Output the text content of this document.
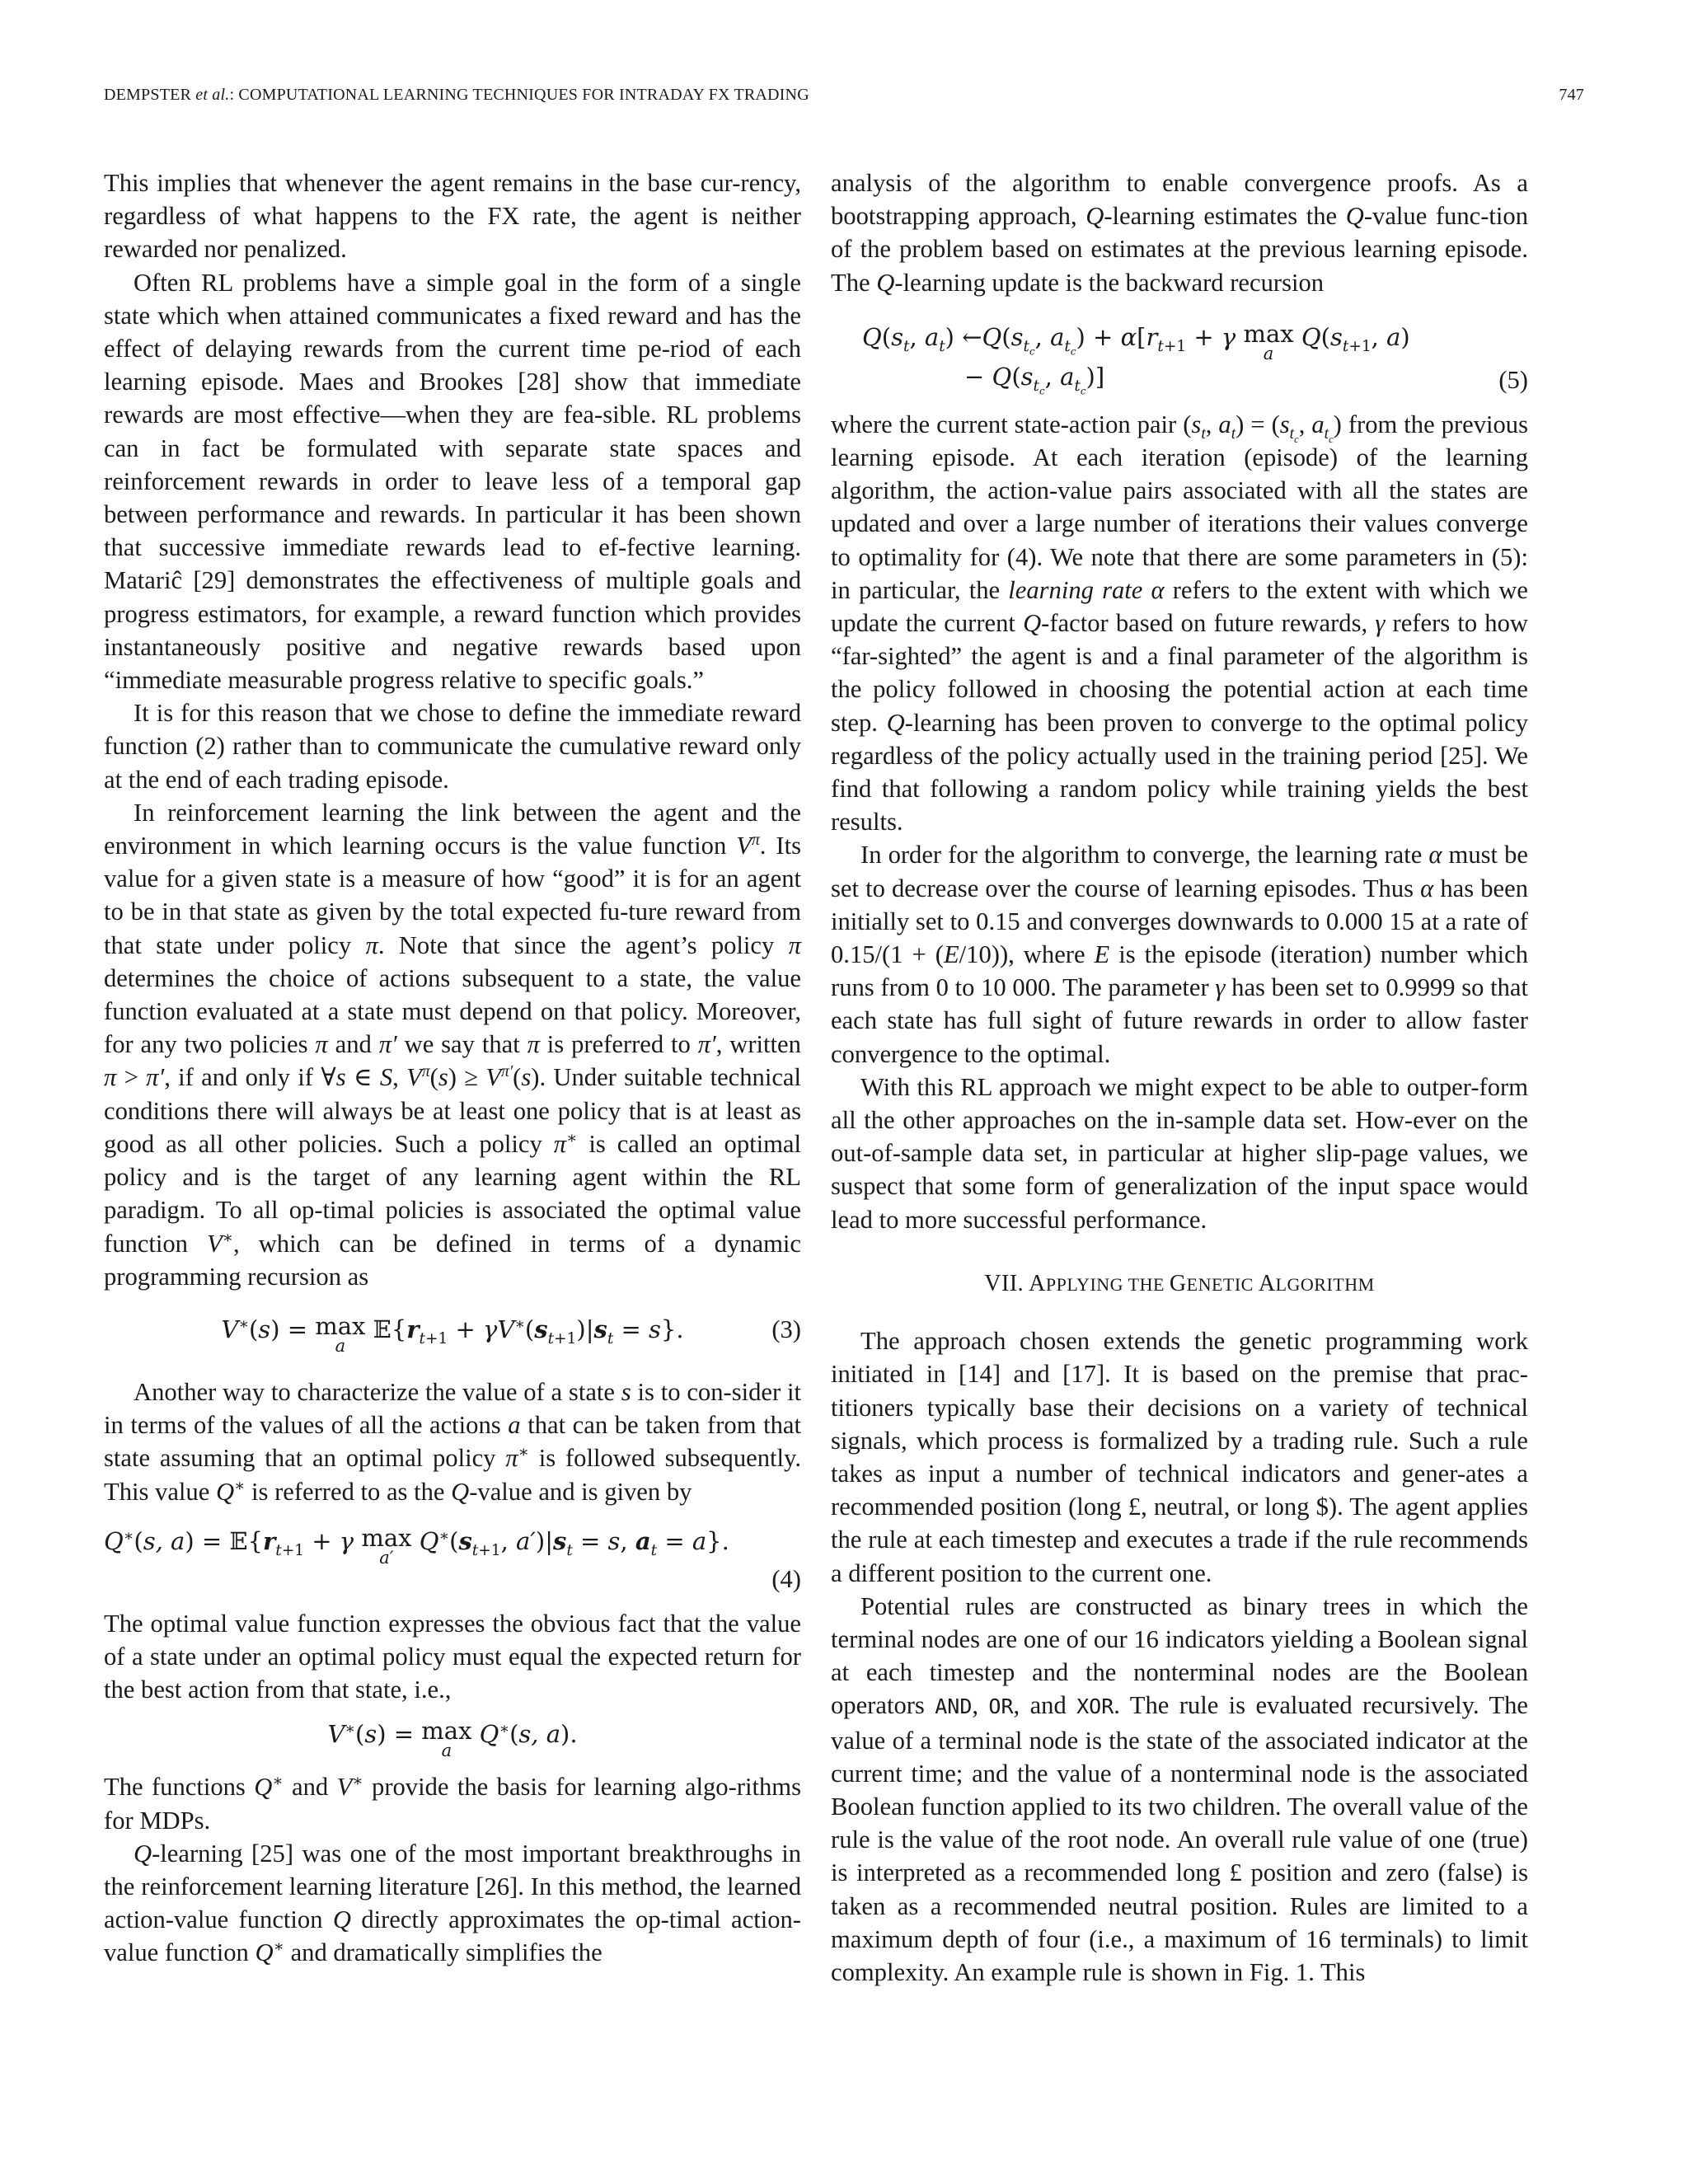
DEMPSTER et al.: COMPUTATIONAL LEARNING TECHNIQUES FOR INTRADAY FX TRADING	747

This implies that whenever the agent remains in the base cur-rency, regardless of what happens to the FX rate, the agent is neither rewarded nor penalized.

Often RL problems have a simple goal in the form of a single state which when attained communicates a fixed reward and has the effect of delaying rewards from the current time pe-riod of each learning episode. Maes and Brookes [28] show that immediate rewards are most effective—when they are fea-sible. RL problems can in fact be formulated with separate state spaces and reinforcement rewards in order to leave less of a temporal gap between performance and rewards. In particular it has been shown that successive immediate rewards lead to ef-fective learning. Matariĉ [29] demonstrates the effectiveness of multiple goals and progress estimators, for example, a reward function which provides instantaneously positive and negative rewards based upon “immediate measurable progress relative to specific goals.”

It is for this reason that we chose to define the immediate reward function (2) rather than to communicate the cumulative reward only at the end of each trading episode.

In reinforcement learning the link between the agent and the environment in which learning occurs is the value function $V^\pi$. Its value for a given state is a measure of how “good” it is for an agent to be in that state as given by the total expected fu-ture reward from that state under policy π. Note that since the agent’s policy π determines the choice of actions subsequent to a state, the value function evaluated at a state must depend on that policy. Moreover, for any two policies π and π′ we say that π is preferred to π′, written π > π′, if and only if ∀s ∈ S, $V^\pi(s) \ge V^{\pi'}(s)$. Under suitable technical conditions there will always be at least one policy that is at least as good as all other policies. Such a policy π∗ is called an optimal policy and is the target of any learning agent within the RL paradigm. To all op-timal policies is associated the optimal value function V∗, which can be defined in terms of a dynamic programming recursion as

V∗(s) = max
a
$𝔼\{r_{t+1} + \gamma V^∗(s_{t+1})|s_t = s\}$.	(3)

Another way to characterize the value of a state s is to con-sider it in terms of the values of all the actions a that can be taken from that state assuming that an optimal policy π∗ is followed subsequently. This value Q∗ is referred to as the Q-value and is given by

Q∗(s, $a) = 𝔼\{r_{t+1} + \gamma$ max
a′
$Q^∗(s_{t+1}$, $a')|s_t = s$, $a_t = a$}.
(4)

The optimal value function expresses the obvious fact that the value of a state under an optimal policy must equal the expected return for the best action from that state, i.e.,

V∗(s) = max
a
Q∗(s, a).

The functions Q∗ and V∗ provide the basis for learning algo-rithms for MDPs.

Q-learning [25] was one of the most important breakthroughs in the reinforcement learning literature [26]. In this method, the learned action-value function Q directly approximates the op-timal action-value function Q∗ and dramatically simplifies the

analysis of the algorithm to enable convergence proofs. As a bootstrapping approach, Q-learning estimates the Q-value func-tion of the problem based on estimates at the previous learning episode. The Q-learning update is the backward recursion

$Q(s_t$, $a_t$) $\leftarrow Q(s_{t_c}$, $a_{t_c}) + \alpha[r_{t+1} + \gamma$ max
a
$Q(s_{t+1}$, a)
− $Q(s_{t_c}$, $a_{t_c}$)]	(5)

where the current state-action pair ($s_t$, $a_t) = (s_{t_c}$, $a_{t_c}$) from the previous learning episode. At each iteration (episode) of the learning algorithm, the action-value pairs associated with all the states are updated and over a large number of iterations their values converge to optimality for (4). We note that there are some parameters in (5): in particular, the learning rate α refers to the extent with which we update the current Q-factor based on future rewards, γ refers to how “far-sighted” the agent is and a final parameter of the algorithm is the policy followed in choosing the potential action at each time step. Q-learning has been proven to converge to the optimal policy regardless of the policy actually used in the training period [25]. We find that following a random policy while training yields the best results.

In order for the algorithm to converge, the learning rate α must be set to decrease over the course of learning episodes. Thus α has been initially set to 0.15 and converges downwards to 0.000 15 at a rate of 0.15/(1 + (E/10)), where E is the episode (iteration) number which runs from 0 to 10 000. The parameter γ has been set to 0.9999 so that each state has full sight of future rewards in order to allow faster convergence to the optimal.

With this RL approach we might expect to be able to outper-form all the other approaches on the in-sample data set. How-ever on the out-of-sample data set, in particular at higher slip-page values, we suspect that some form of generalization of the input space would lead to more successful performance.

VII. APPLYING THE GENETIC ALGORITHM

The approach chosen extends the genetic programming work initiated in [14] and [17]. It is based on the premise that prac-titioners typically base their decisions on a variety of technical signals, which process is formalized by a trading rule. Such a rule takes as input a number of technical indicators and gener-ates a recommended position (long £, neutral, or long $). The agent applies the rule at each timestep and executes a trade if the rule recommends a different position to the current one.

Potential rules are constructed as binary trees in which the terminal nodes are one of our 16 indicators yielding a Boolean signal at each timestep and the nonterminal nodes are the Boolean operators AND, OR, and XOR. The rule is evaluated recursively. The value of a terminal node is the state of the associated indicator at the current time; and the value of a nonterminal node is the associated Boolean function applied to its two children. The overall value of the rule is the value of the root node. An overall rule value of one (true) is interpreted as a recommended long £ position and zero (false) is taken as a recommended neutral position. Rules are limited to a maximum depth of four (i.e., a maximum of 16 terminals) to limit complexity. An example rule is shown in Fig. 1. This
